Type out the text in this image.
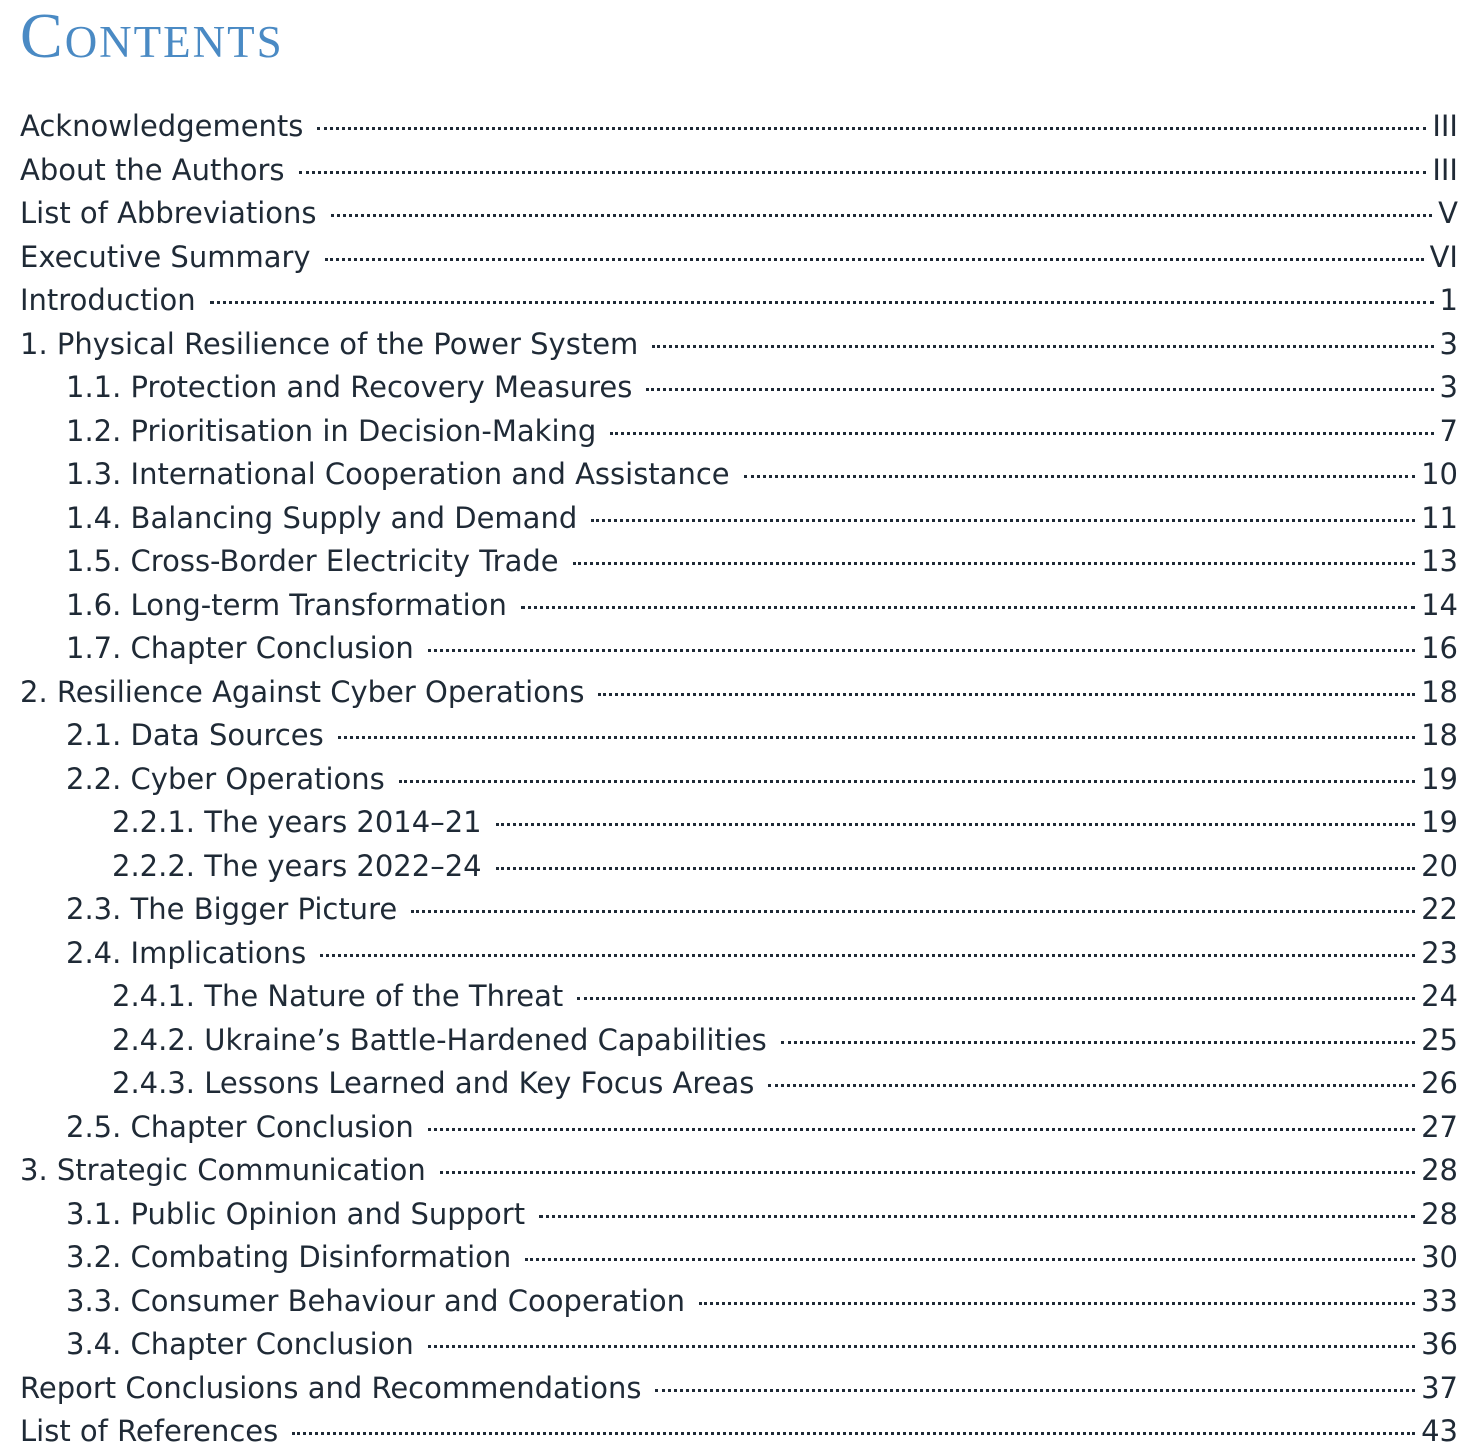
Contents
Acknowledgements	III
About the Authors	III
List of Abbreviations	V
Executive Summary	VI
Introduction	1
1. Physical Resilience of the Power System	3
1.1. Protection and Recovery Measures	3
1.2. Prioritisation in Decision-Making	7
1.3. International Cooperation and Assistance	10
1.4. Balancing Supply and Demand	11
1.5. Cross-Border Electricity Trade	13
1.6. Long-term Transformation	14
1.7. Chapter Conclusion	16
2. Resilience Against Cyber Operations	18
2.1. Data Sources	18
2.2. Cyber Operations	19
2.2.1. The years 2014–21	19
2.2.2. The years 2022–24	20
2.3. The Bigger Picture	22
2.4. Implications	23
2.4.1. The Nature of the Threat	24
2.4.2. Ukraine’s Battle-Hardened Capabilities	25
2.4.3. Lessons Learned and Key Focus Areas	26
2.5. Chapter Conclusion	27
3. Strategic Communication	28
3.1. Public Opinion and Support	28
3.2. Combating Disinformation	30
3.3. Consumer Behaviour and Cooperation	33
3.4. Chapter Conclusion	36
Report Conclusions and Recommendations	37
List of References	43
